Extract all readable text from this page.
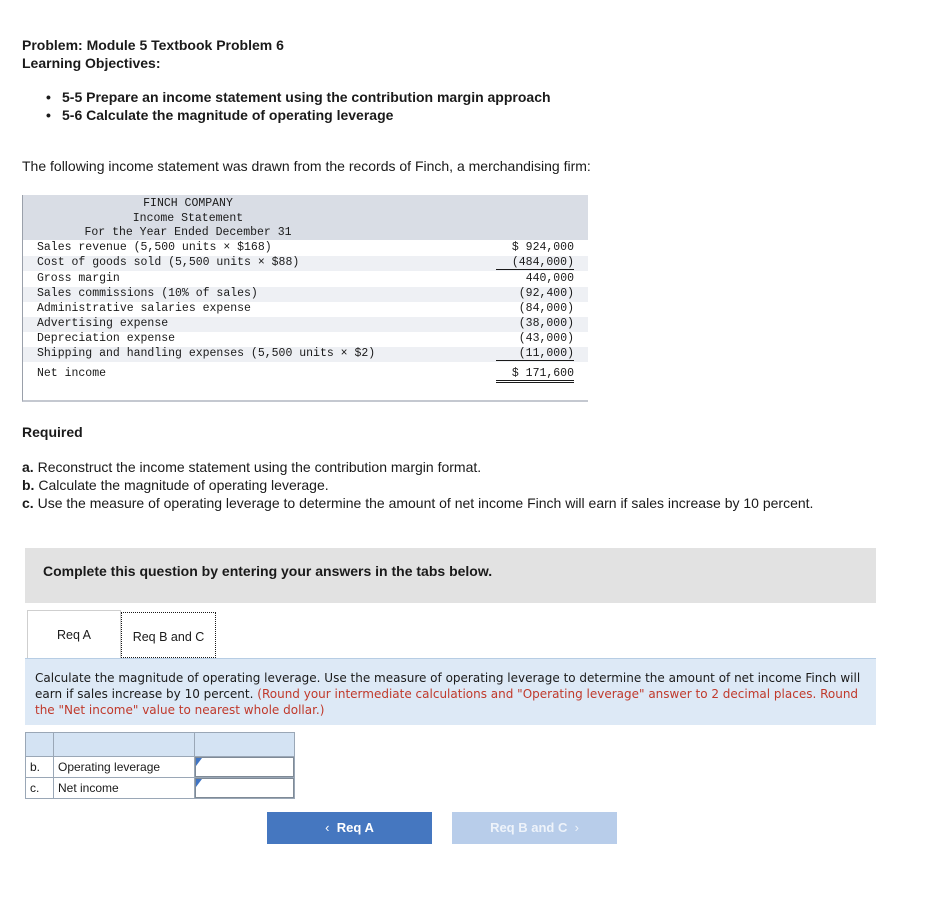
Problem: Module 5 Textbook Problem 6
Learning Objectives:
• 5-5 Prepare an income statement using the contribution margin approach
• 5-6 Calculate the magnitude of operating leverage
The following income statement was drawn from the records of Finch, a merchandising firm:
FINCH COMPANY
Income Statement
For the Year Ended December 31
Sales revenue (5,500 units × $168)	$ 924,000
Cost of goods sold (5,500 units × $88)	(484,000)
Gross margin	440,000
Sales commissions (10% of sales)	(92,400)
Administrative salaries expense	(84,000)
Advertising expense	(38,000)
Depreciation expense	(43,000)
Shipping and handling expenses (5,500 units × $2)	(11,000)
Net income	$ 171,600
Required
a. Reconstruct the income statement using the contribution margin format.
b. Calculate the magnitude of operating leverage.
c. Use the measure of operating leverage to determine the amount of net income Finch will earn if sales increase by 10 percent.
Complete this question by entering your answers in the tabs below.
Req A	Req B and C

Calculate the magnitude of operating leverage. Use the measure of operating leverage to determine the amount of net income Finch will earn if sales increase by 10 percent. (Round your intermediate calculations and "Operating leverage" answer to 2 decimal places. Round the "Net income" value to nearest whole dollar.)

b.	Operating leverage	

c.	Net income	
‹ Req A	Req B and C ›
